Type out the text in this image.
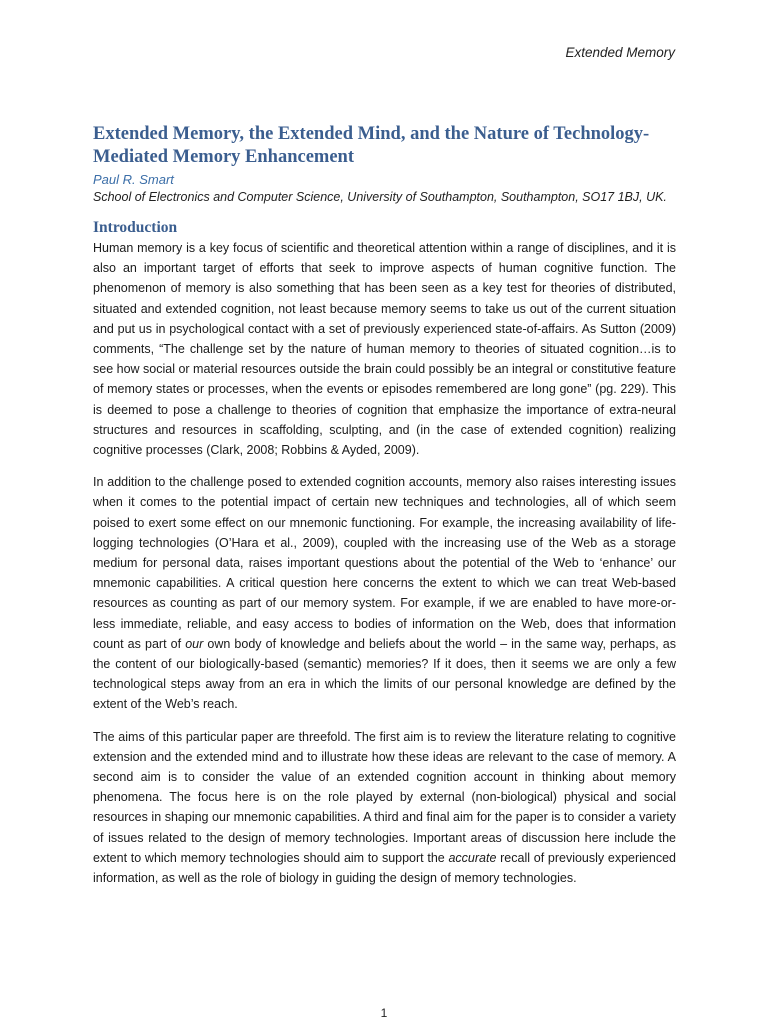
Extended Memory
Extended Memory, the Extended Mind, and the Nature of Technology-Mediated Memory Enhancement
Paul R. Smart
School of Electronics and Computer Science, University of Southampton, Southampton, SO17 1BJ, UK.
Introduction

Human memory is a key focus of scientific and theoretical attention within a range of disciplines, and it is also an important target of efforts that seek to improve aspects of human cognitive function. The phenomenon of memory is also something that has been seen as a key test for theories of distributed, situated and extended cognition, not least because memory seems to take us out of the current situation and put us in psychological contact with a set of previously experienced state-of-affairs. As Sutton (2009) comments, “The challenge set by the nature of human memory to theories of situated cognition…is to see how social or material resources outside the brain could possibly be an integral or constitutive feature of memory states or processes, when the events or episodes remembered are long gone” (pg. 229). This is deemed to pose a challenge to theories of cognition that emphasize the importance of extra-neural structures and resources in scaffolding, sculpting, and (in the case of extended cognition) realizing cognitive processes (Clark, 2008; Robbins & Ayded, 2009).

In addition to the challenge posed to extended cognition accounts, memory also raises interesting issues when it comes to the potential impact of certain new techniques and technologies, all of which seem poised to exert some effect on our mnemonic functioning. For example, the increasing availability of life-logging technologies (O’Hara et al., 2009), coupled with the increasing use of the Web as a storage medium for personal data, raises important questions about the potential of the Web to ‘enhance’ our mnemonic capabilities. A critical question here concerns the extent to which we can treat Web-based resources as counting as part of our memory system. For example, if we are enabled to have more-or-less immediate, reliable, and easy access to bodies of information on the Web, does that information count as part of our own body of knowledge and beliefs about the world – in the same way, perhaps, as the content of our biologically-based (semantic) memories? If it does, then it seems we are only a few technological steps away from an era in which the limits of our personal knowledge are defined by the extent of the Web’s reach.

The aims of this particular paper are threefold. The first aim is to review the literature relating to cognitive extension and the extended mind and to illustrate how these ideas are relevant to the case of memory. A second aim is to consider the value of an extended cognition account in thinking about memory phenomena. The focus here is on the role played by external (non-biological) physical and social resources in shaping our mnemonic capabilities. A third and final aim for the paper is to consider a variety of issues related to the design of memory technologies. Important areas of discussion here include the extent to which memory technologies should aim to support the accurate recall of previously experienced information, as well as the role of biology in guiding the design of memory technologies.

1
